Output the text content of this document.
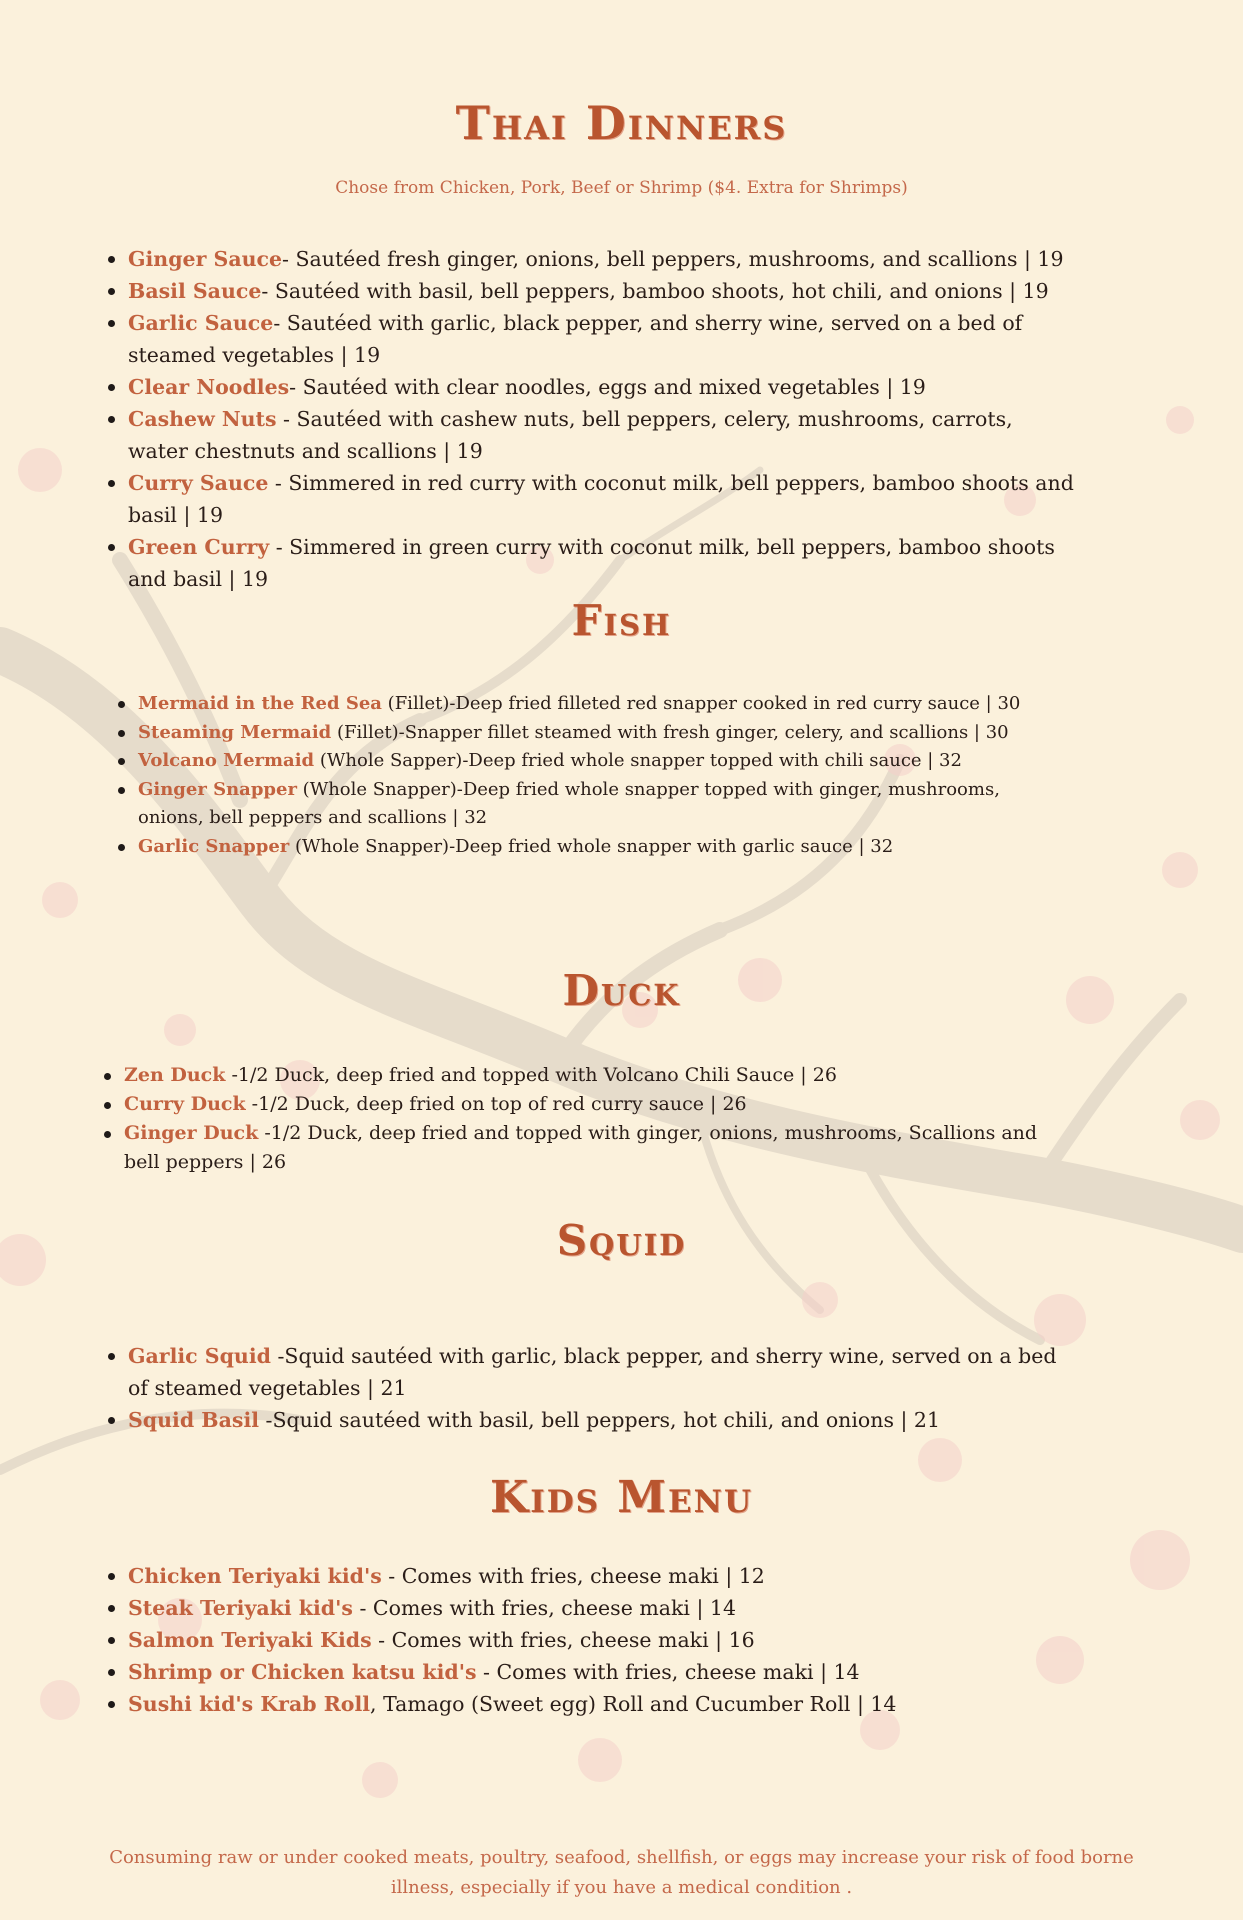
Thai Dinners

Chose from Chicken, Pork, Beef or Shrimp ($4. Extra for Shrimps)

Ginger Sauce- Sautéed fresh ginger, onions, bell peppers, mushrooms, and scallions | 19
Basil Sauce- Sautéed with basil, bell peppers, bamboo shoots, hot chili, and onions | 19
Garlic Sauce- Sautéed with garlic, black pepper, and sherry wine, served on a bed of steamed vegetables | 19
Clear Noodles- Sautéed with clear noodles, eggs and mixed vegetables | 19
Cashew Nuts - Sautéed with cashew nuts, bell peppers, celery, mushrooms, carrots, water chestnuts and scallions | 19
Curry Sauce - Simmered in red curry with coconut milk, bell peppers, bamboo shoots and basil | 19
Green Curry - Simmered in green curry with coconut milk, bell peppers, bamboo shoots and basil | 19
Fish
Mermaid in the Red Sea (Fillet)-Deep fried filleted red snapper cooked in red curry sauce | 30
Steaming Mermaid (Fillet)-Snapper fillet steamed with fresh ginger, celery, and scallions | 30
Volcano Mermaid (Whole Sapper)-Deep fried whole snapper topped with chili sauce | 32
Ginger Snapper (Whole Snapper)-Deep fried whole snapper topped with ginger, mushrooms, onions, bell peppers and scallions | 32
Garlic Snapper (Whole Snapper)-Deep fried whole snapper with garlic sauce | 32
Duck
Zen Duck -1/2 Duck, deep fried and topped with Volcano Chili Sauce | 26
Curry Duck -1/2 Duck, deep fried on top of red curry sauce | 26
Ginger Duck -1/2 Duck, deep fried and topped with ginger, onions, mushrooms, Scallions and bell peppers | 26
Squid
Garlic Squid -Squid sautéed with garlic, black pepper, and sherry wine, served on a bed of steamed vegetables | 21
Squid Basil -Squid sautéed with basil, bell peppers, hot chili, and onions | 21
Kids Menu
Chicken Teriyaki kid's - Comes with fries, cheese maki | 12
Steak Teriyaki kid's - Comes with fries, cheese maki | 14
Salmon Teriyaki Kids - Comes with fries, cheese maki | 16
Shrimp or Chicken katsu kid's - Comes with fries, cheese maki | 14
Sushi kid's Krab Roll, Tamago (Sweet egg) Roll and Cucumber Roll | 14

Consuming raw or under cooked meats, poultry, seafood, shellfish, or eggs may increase your risk of food borne illness, especially if you have a medical condition .
